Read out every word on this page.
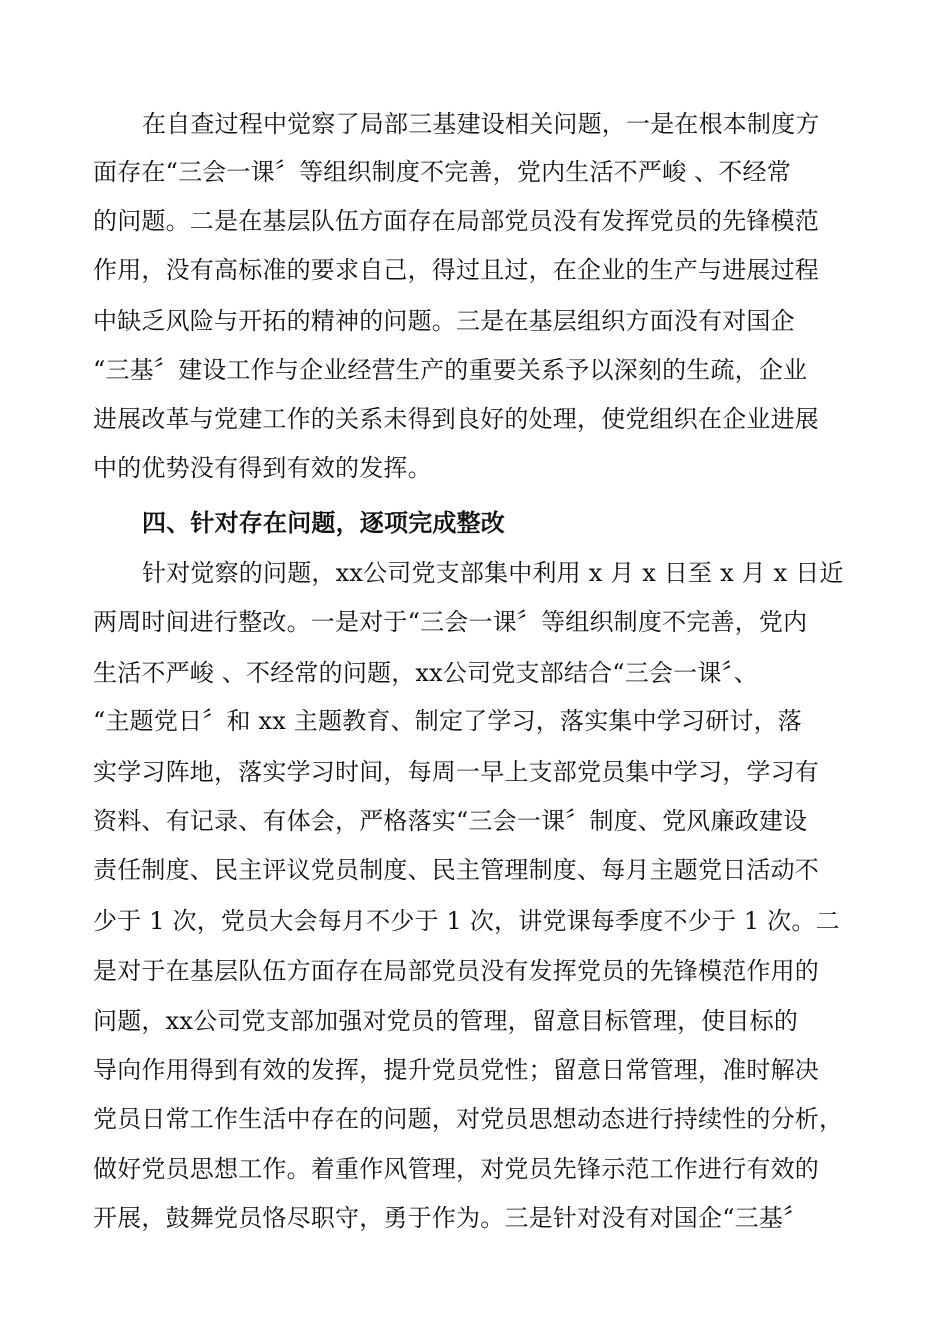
在自查过程中觉察了局部三基建设相关问题，一是在根本制度方
面存在“三会一课〞等组织制度不完善，党内生活不严峻 、不经常
的问题。二是在基层队伍方面存在局部党员没有发挥党员的先锋模范
作用，没有高标准的要求自己，得过且过，在企业的生产与进展过程
中缺乏风险与开拓的精神的问题。三是在基层组织方面没有对国企
“三基〞建设工作与企业经营生产的重要关系予以深刻的生疏，企业
进展改革与党建工作的关系未得到良好的处理，使党组织在企业进展
中的优势没有得到有效的发挥。
四、针对存在问题，逐项完成整改
针对觉察的问题，xx公司党支部集中利用 x 月 x 日至 x 月 x 日近
两周时间进行整改。一是对于“三会一课〞等组织制度不完善，党内
生活不严峻 、不经常的问题，xx公司党支部结合“三会一课〞、
“主题党日〞和 xx 主题教育、制定了学习，落实集中学习研讨，落
实学习阵地，落实学习时间，每周一早上支部党员集中学习，学习有
资料、有记录、有体会，严格落实“三会一课〞制度、党风廉政建设
责任制度、民主评议党员制度、民主管理制度、每月主题党日活动不
少于 1 次，党员大会每月不少于 1 次，讲党课每季度不少于 1 次。二
是对于在基层队伍方面存在局部党员没有发挥党员的先锋模范作用的
问题，xx公司党支部加强对党员的管理，留意目标管理，使目标的
导向作用得到有效的发挥，提升党员党性；留意日常管理，准时解决
党员日常工作生活中存在的问题，对党员思想动态进行持续性的分析，
做好党员思想工作。着重作风管理，对党员先锋示范工作进行有效的
开展，鼓舞党员恪尽职守，勇于作为。三是针对没有对国企“三基〞
